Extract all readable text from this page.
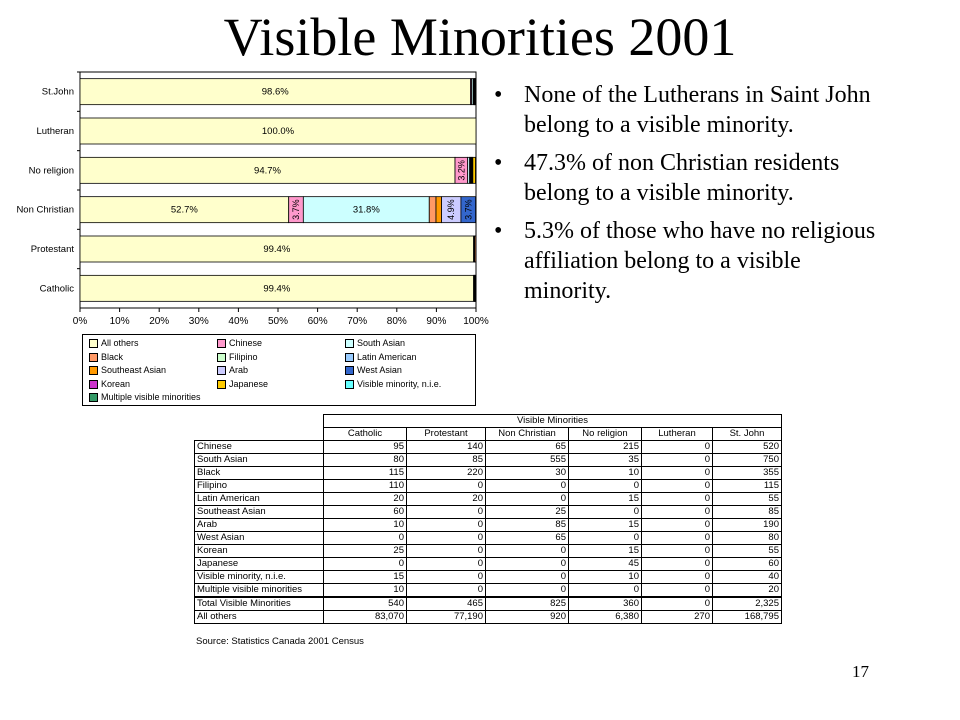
Visible Minorities 2001
St.John
Lutheran
No religion
Non Christian
Protestant
Catholic
0% 10% 20% 30% 40% 50% 60% 70% 80% 90% 100%
98.6%
100.0%
94.7%	3.2%
52.7%	3.7%	31.8%	4.9% 3.7%
99.4%
99.4%
All others	Chinese	South Asian
Black	Filipino	Latin American
Southeast Asian	Arab	West Asian
Korean	Japanese	Visible minority, n.i.e.
Multiple visible minorities
• None of the Lutherans in Saint John belong to a visible minority.
• 47.3% of non Christian residents belong to a visible minority.
• 5.3% of those who have no religious affiliation belong to a visible minority.
	Visible Minorities					
	Catholic	Protestant	Non Christian	No religion	Lutheran	St. John
Chinese	95	140	65	215	0	520
South Asian	80	85	555	35	0	750
Black	115	220	30	10	0	355
Filipino	110	0	0	0	0	115
Latin American	20	20	0	15	0	55
Southeast Asian	60	0	25	0	0	85
Arab	10	0	85	15	0	190
West Asian	0	0	65	0	0	80
Korean	25	0	0	15	0	55
Japanese	0	0	0	45	0	60
Visible minority, n.i.e.	15	0	0	10	0	40
Multiple visible minorities	10	0	0	0	0	20
Total Visible Minorities	540	465	825	360	0	2,325
All others	83,070	77,190	920	6,380	270	168,795
Source: Statistics Canada 2001 Census
17
